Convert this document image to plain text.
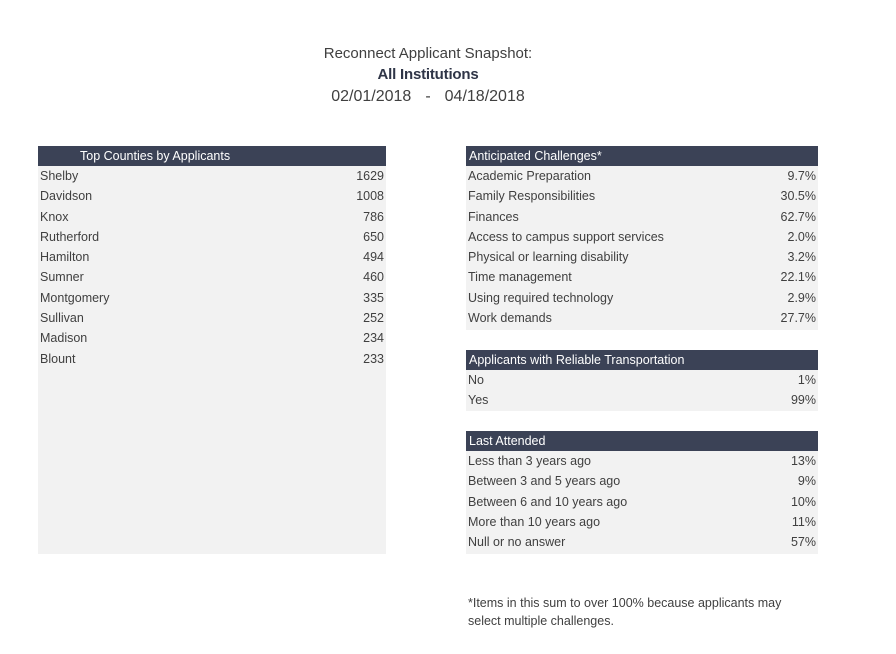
Reconnect Applicant Snapshot:
All Institutions
02/01/2018 - 04/18/2018
Top Counties by Applicants
Shelby	1629
Davidson	1008
Knox	786
Rutherford	650
Hamilton	494
Sumner	460
Montgomery	335
Sullivan	252
Madison	234
Blount	233
Anticipated Challenges*
Academic Preparation	9.7%
Family Responsibilities	30.5%
Finances	62.7%
Access to campus support services	2.0%
Physical or learning disability	3.2%
Time management	22.1%
Using required technology	2.9%
Work demands	27.7%
Applicants with Reliable Transportation
No	1%
Yes	99%
Last Attended
Less than 3 years ago	13%
Between 3 and 5 years ago	9%
Between 6 and 10 years ago	10%
More than 10 years ago	11%
Null or no answer	57%
*Items in this sum to over 100% because applicants may
select multiple challenges.
